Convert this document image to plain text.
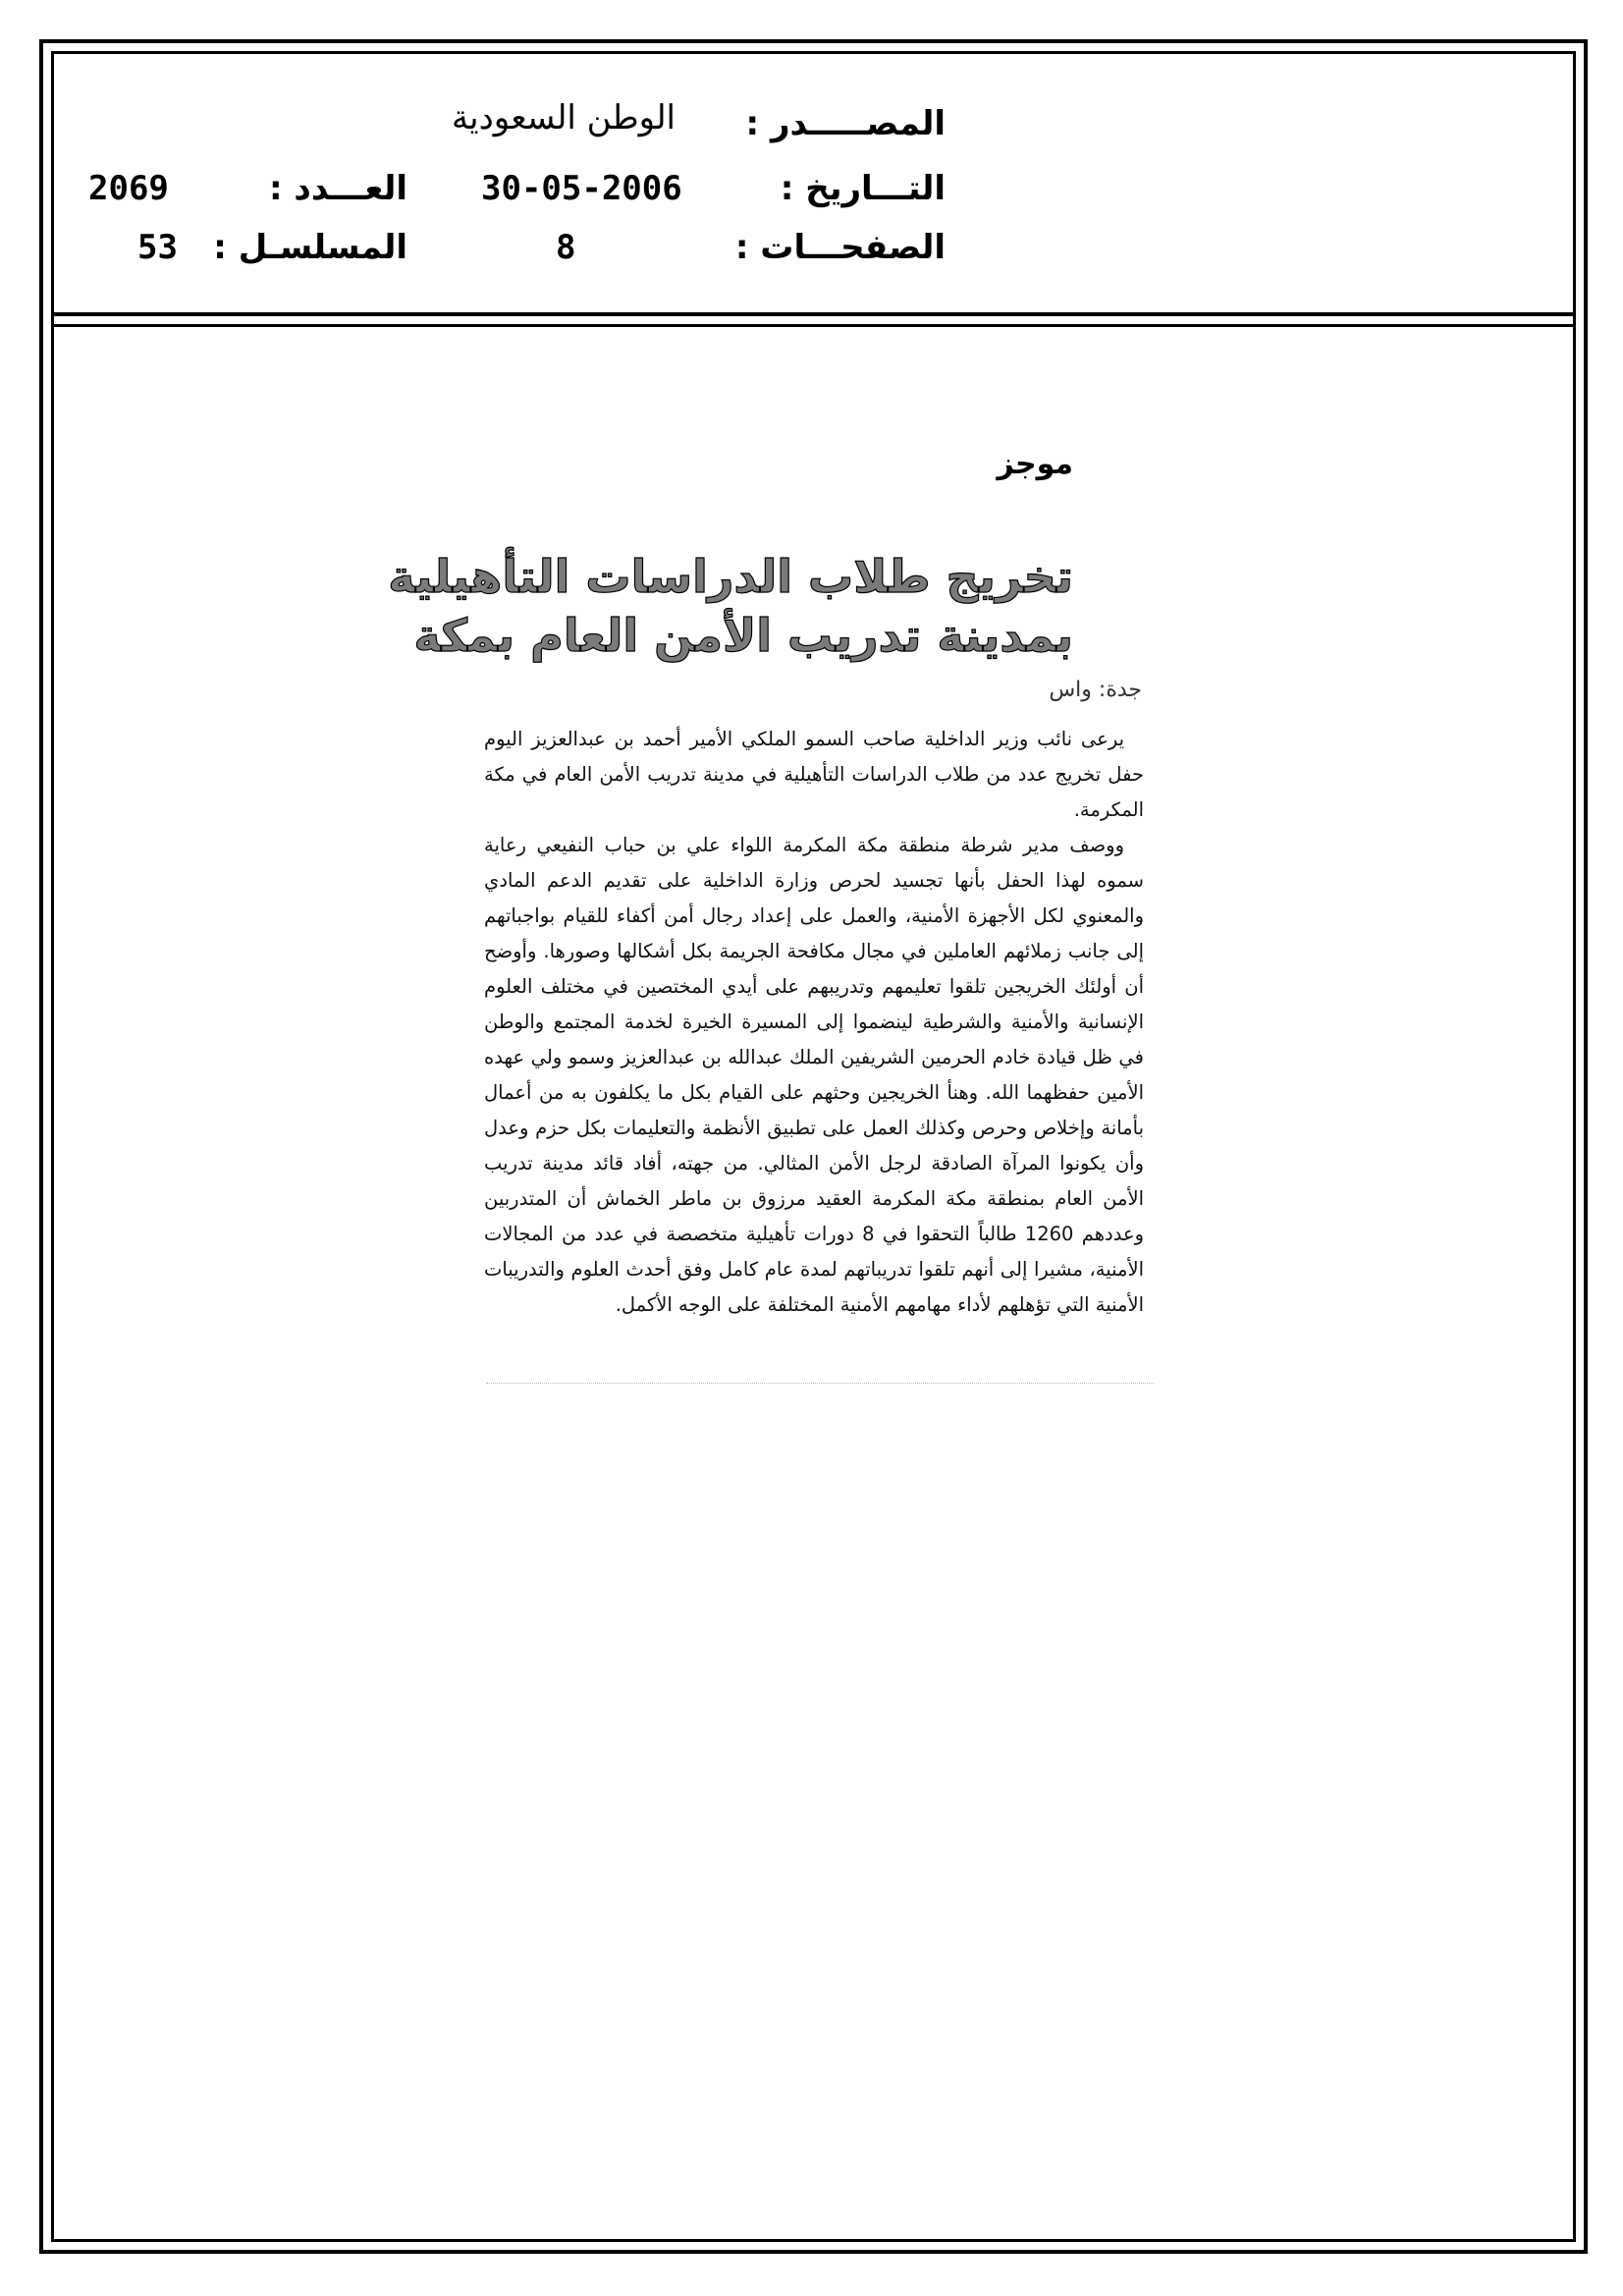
المصـــــدر :
الوطن السعودية
التـــاريخ :
30-05-2006
الصفحـــات :
8
العـــدد :
2069
المسلسـل :
53
موجز
تخريج طلاب الدراسات التأهيلية
بمدينة تدريب الأمن العام بمكة
جدة: واس

يرعى نائب وزير الداخلية صاحب السمو الملكي الأمير أحمد بن عبدالعزيز اليوم حفل تخريج عدد من طلاب الدراسات التأهيلية في مدينة تدريب الأمن العام في مكة المكرمة.

ووصف مدير شرطة منطقة مكة المكرمة اللواء علي بن حباب النفيعي رعاية سموه لهذا الحفل بأنها تجسيد لحرص وزارة الداخلية على تقديم الدعم المادي والمعنوي لكل الأجهزة الأمنية، والعمل على إعداد رجال أمن أكفاء للقيام بواجباتهم إلى جانب زملائهم العاملين في مجال مكافحة الجريمة بكل أشكالها وصورها. وأوضح أن أولئك الخريجين تلقوا تعليمهم وتدريبهم على أيدي المختصين في مختلف العلوم الإنسانية والأمنية والشرطية لينضموا إلى المسيرة الخيرة لخدمة المجتمع والوطن في ظل قيادة خادم الحرمين الشريفين الملك عبدالله بن عبدالعزيز وسمو ولي عهده الأمين حفظهما الله. وهنأ الخريجين وحثهم على القيام بكل ما يكلفون به من أعمال بأمانة وإخلاص وحرص وكذلك العمل على تطبيق الأنظمة والتعليمات بكل حزم وعدل وأن يكونوا المرآة الصادقة لرجل الأمن المثالي. من جهته، أفاد قائد مدينة تدريب الأمن العام بمنطقة مكة المكرمة العقيد مرزوق بن ماطر الخماش أن المتدربين وعددهم 1260 طالباً التحقوا في 8 دورات تأهيلية متخصصة في عدد من المجالات الأمنية، مشيرا إلى أنهم تلقوا تدريباتهم لمدة عام كامل وفق أحدث العلوم والتدريبات الأمنية التي تؤهلهم لأداء مهامهم الأمنية المختلفة على الوجه الأكمل.
